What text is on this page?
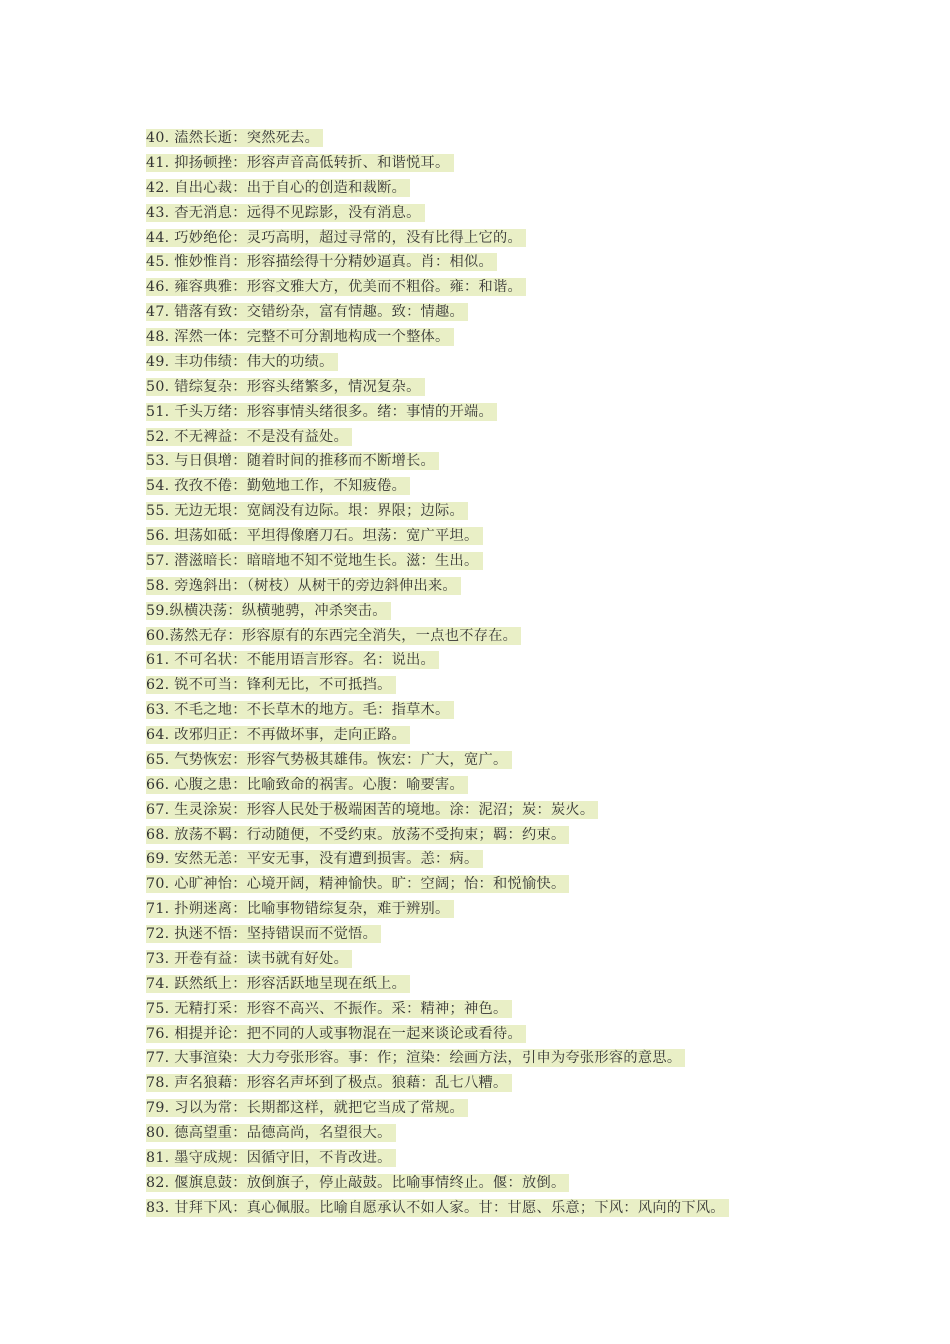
40. 溘然长逝：突然死去。
41. 抑扬顿挫：形容声音高低转折、和谐悦耳。
42. 自出心裁：出于自心的创造和裁断。
43. 杳无消息：远得不见踪影，没有消息。
44. 巧妙绝伦：灵巧高明，超过寻常的，没有比得上它的。
45. 惟妙惟肖：形容描绘得十分精妙逼真。肖：相似。
46. 雍容典雅：形容文雅大方，优美而不粗俗。雍：和谐。
47. 错落有致：交错纷杂，富有情趣。致：情趣。
48. 浑然一体：完整不可分割地构成一个整体。
49. 丰功伟绩：伟大的功绩。
50. 错综复杂：形容头绪繁多，情况复杂。
51. 千头万绪：形容事情头绪很多。绪：事情的开端。
52. 不无裨益：不是没有益处。
53. 与日俱增：随着时间的推移而不断增长。
54. 孜孜不倦：勤勉地工作，不知疲倦。
55. 无边无垠：宽阔没有边际。垠：界限；边际。
56. 坦荡如砥：平坦得像磨刀石。坦荡：宽广平坦。
57. 潜滋暗长：暗暗地不知不觉地生长。滋：生出。
58. 旁逸斜出：（树枝）从树干的旁边斜伸出来。
59.纵横决荡：纵横驰骋，冲杀突击。
60.荡然无存：形容原有的东西完全消失，一点也不存在。
61. 不可名状：不能用语言形容。名：说出。
62. 锐不可当：锋利无比，不可抵挡。
63. 不毛之地：不长草木的地方。毛：指草木。
64. 改邪归正：不再做坏事，走向正路。
65. 气势恢宏：形容气势极其雄伟。恢宏：广大，宽广。
66. 心腹之患：比喻致命的祸害。心腹：喻要害。
67. 生灵涂炭：形容人民处于极端困苦的境地。涂：泥沼；炭：炭火。
68. 放荡不羁：行动随便，不受约束。放荡不受拘束；羁：约束。
69. 安然无恙：平安无事，没有遭到损害。恙：病。
70. 心旷神怡：心境开阔，精神愉快。旷：空阔；怡：和悦愉快。
71. 扑朔迷离：比喻事物错综复杂，难于辨别。
72. 执迷不悟：坚持错误而不觉悟。
73. 开卷有益：读书就有好处。
74. 跃然纸上：形容活跃地呈现在纸上。
75. 无精打采：形容不高兴、不振作。采：精神；神色。
76. 相提并论：把不同的人或事物混在一起来谈论或看待。
77. 大事渲染：大力夸张形容。事：作；渲染：绘画方法，引申为夸张形容的意思。
78. 声名狼藉：形容名声坏到了极点。狼藉：乱七八糟。
79. 习以为常：长期都这样，就把它当成了常规。
80. 德高望重：品德高尚，名望很大。
81. 墨守成规：因循守旧，不肯改进。
82. 偃旗息鼓：放倒旗子，停止敲鼓。比喻事情终止。偃：放倒。
83. 甘拜下风：真心佩服。比喻自愿承认不如人家。甘：甘愿、乐意；下风：风向的下风。
